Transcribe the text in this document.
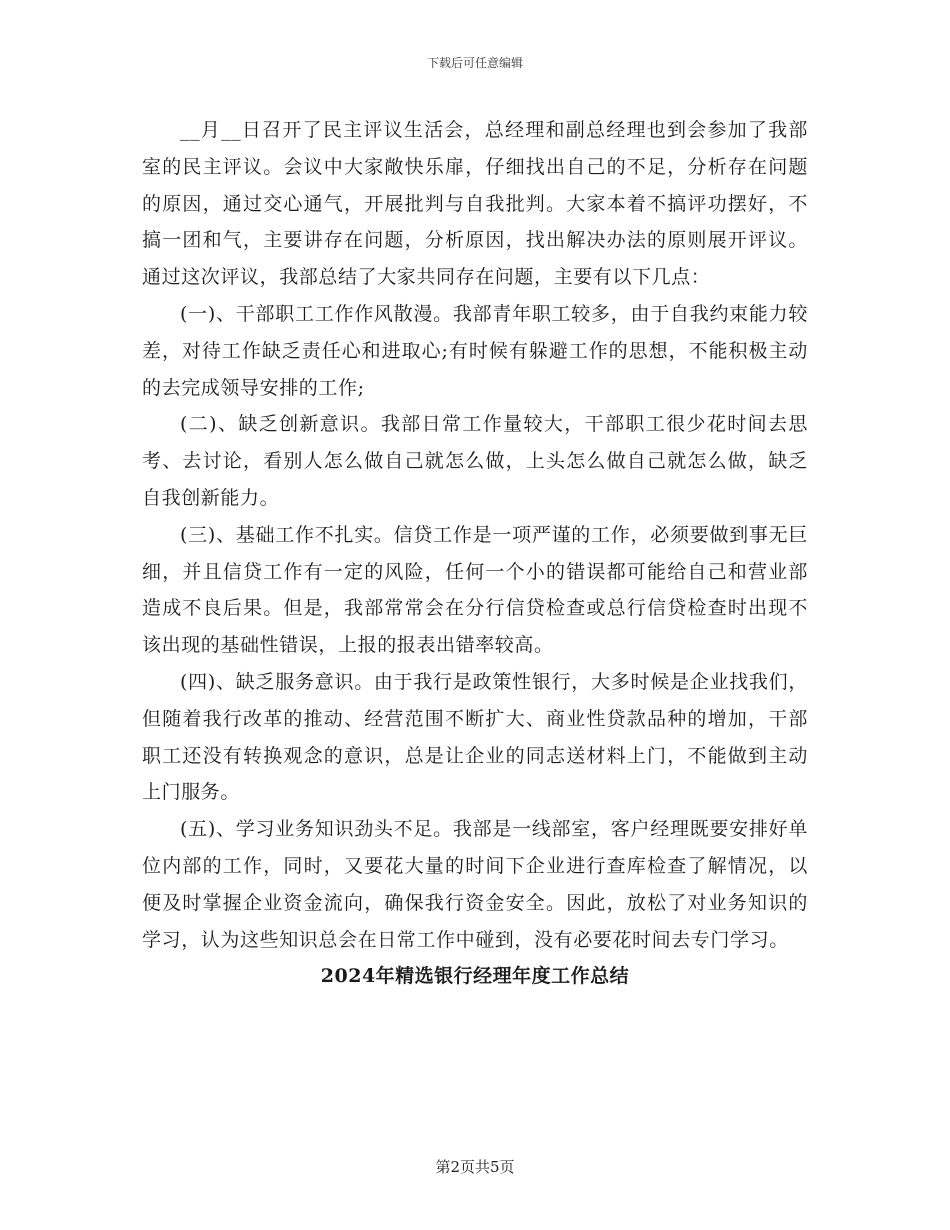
下载后可任意编辑

__月__日召开了民主评议生活会，总经理和副总经理也到会参加了我部室的民主评议。会议中大家敞快乐扉，仔细找出自己的不足，分析存在问题的原因，通过交心通气，开展批判与自我批判。大家本着不搞评功摆好，不搞一团和气，主要讲存在问题，分析原因，找出解决办法的原则展开评议。通过这次评议，我部总结了大家共同存在问题，主要有以下几点：

(一)、干部职工工作作风散漫。我部青年职工较多，由于自我约束能力较差，对待工作缺乏责任心和进取心;有时候有躲避工作的思想，不能积极主动的去完成领导安排的工作;

(二)、缺乏创新意识。我部日常工作量较大，干部职工很少花时间去思考、去讨论，看别人怎么做自己就怎么做，上头怎么做自己就怎么做，缺乏自我创新能力。

(三)、基础工作不扎实。信贷工作是一项严谨的工作，必须要做到事无巨细，并且信贷工作有一定的风险，任何一个小的错误都可能给自己和营业部造成不良后果。但是，我部常常会在分行信贷检查或总行信贷检查时出现不该出现的基础性错误，上报的报表出错率较高。

(四)、缺乏服务意识。由于我行是政策性银行，大多时候是企业找我们，但随着我行改革的推动、经营范围不断扩大、商业性贷款品种的增加，干部职工还没有转换观念的意识，总是让企业的同志送材料上门，不能做到主动上门服务。

(五)、学习业务知识劲头不足。我部是一线部室，客户经理既要安排好单位内部的工作，同时，又要花大量的时间下企业进行查库检查了解情况，以便及时掌握企业资金流向，确保我行资金安全。因此，放松了对业务知识的学习，认为这些知识总会在日常工作中碰到，没有必要花时间去专门学习。

2024年精选银行经理年度工作总结

第2页共5页
